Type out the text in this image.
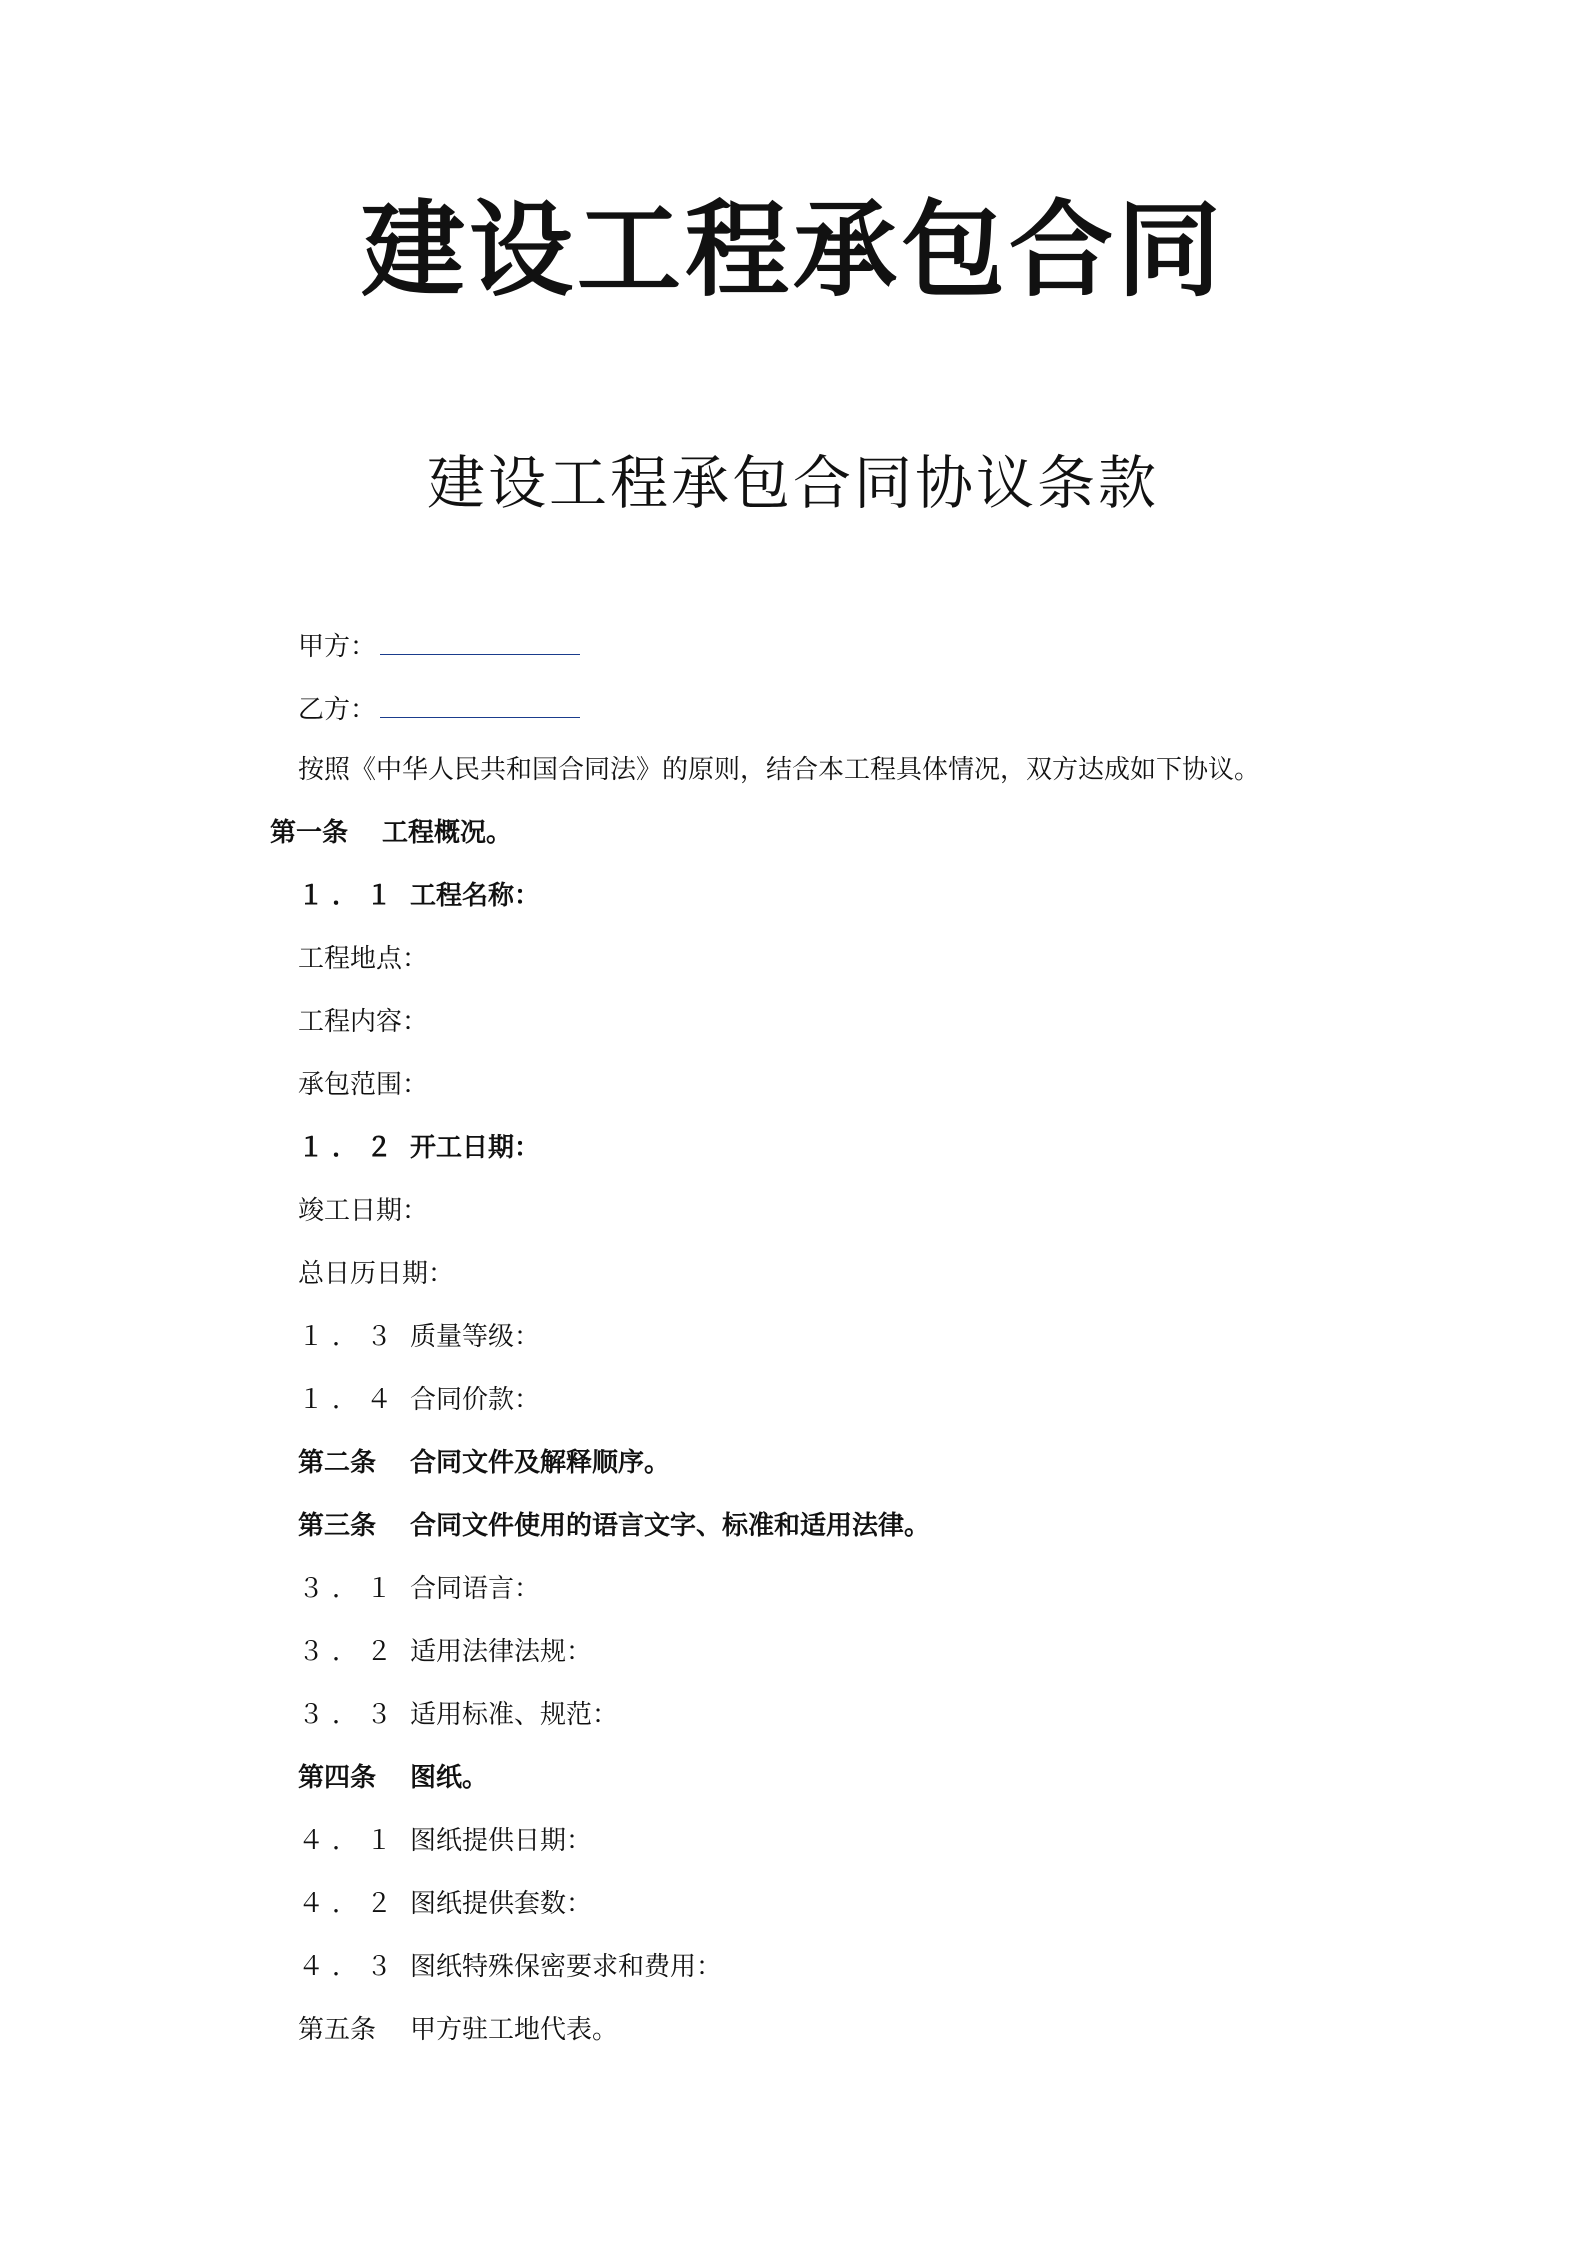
建设工程承包合同
建设工程承包合同协议条款
甲方：
乙方：
按照《中华人民共和国合同法》的原则，结合本工程具体情况，双方达成如下协议。
第一条 工程概况。
１．１ 工程名称：
工程地点：
工程内容：
承包范围：
１．２ 开工日期：
竣工日期：
总日历日期：
１．３ 质量等级：
１．４ 合同价款：
第二条 合同文件及解释顺序。
第三条 合同文件使用的语言文字、标准和适用法律。
３．１ 合同语言：
３．２ 适用法律法规：
３．３ 适用标准、规范：
第四条 图纸。
４．１ 图纸提供日期：
４．２ 图纸提供套数：
４．３ 图纸特殊保密要求和费用：
第五条 甲方驻工地代表。
